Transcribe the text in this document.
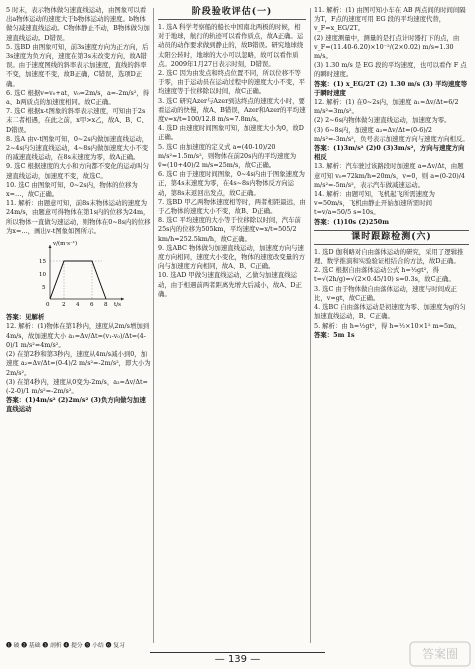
5 时末，表示物体做匀速直线运动，由图象可以看出a物体运动的速度大于b物体运动的速度。b物体做匀减速直线运动。C物体静止不动，B物体做匀加速直线运动。D错误。

5. 选BD 由图象可知，前3s速度方向为正方向，后3s速度为负方向，速度在第3s末改变方向，故A错误。由于速度图线的斜率表示加速度，直线的斜率不变，加速度不变，故B正确，C错误，选项D正确。

6. 选C 根据v=v₀+at，v₀=2m/s，a=-2m/s²，得a、b两质点的加速度相同。故C正确。

7. 选C 根据x-t图象的斜率表示速度，可知由于2s末二者相遇，在此之前，x甲>x乙，故A、B、C、D错误。

8. 选A 由v-t图象可知，0~2s内做加速直线运动，2~4s内匀速直线运动，4~8s内做加速度大小不变的减速直线运动，在8s末速度为零，故A正确。

9. 选C 根据速度的大小和方向都不变化的运动叫匀速直线运动，加速度不变，故选C。

10. 选C 由图象可知，0~2s内，物体的位移为x=…，故C正确。

11. 解析：由题意可知，前8s末物体运动的速度为24m/s，由题意可得物体在第1s内的位移为24m，所以物体一直做匀速运动，则物体在0~8s内的位移为x=…，画出v-t图象如图所示。

v/(m·s⁻¹)
t/s
15
10
5
0 2 4 6 8

答案：见解析

12. 解析：(1)物体在第1秒内，速度从2m/s增加到4m/s，故加速度大小 a₁=Δv/Δt=(v₁-v₀)/Δt=(4-0)/1 m/s²=4m/s²。

(2) 在第2秒和第3秒内，速度从4m/s减小到0，加速度 a₂=Δv/Δt=(0-4)/2 m/s²=-2m/s²，即大小为2m/s²。

(3) 在第4秒内，速度从0变为-2m/s，a₃=Δv/Δt=(-2-0)/1 m/s²=-2m/s²。

答案：(1)4m/s² (2)2m/s² (3)负方向做匀加速直线运动

阶段验收评估(一)

1. 选A 科学考察船的船长中国南北两极的时候，相对于地球，航行的轨迹可以看作质点，故A正确。运动员的动作要求做到静止的，故B错误。研究地球绕太阳公转时，地球的大小可以忽略，故可以看作质点。2009年1月27日表示时刻，D错误。

2. 选C 因为由发点和终点位置不同，所以位移不等于零，由于运动员在运动过程中的速度大小不变，平均速度等于位移除以时间，故C正确。

3. 选C 研究Azer与Azer到达终点的速度大小时，要看运动的快慢，故A、B错误，Azer和Azer的平均速度v=x/t=100/12.8 m/s≈7.8m/s。

4. 选D 由速度时间图象可知，加速度大小为0，故D正确。

5. 选C 由加速度的定义式 a=(40-10)/20 m/s²=1.5m/s²，则物体在前20s内的平均速度为 v̄=(10+40)/2 m/s=25m/s，故C正确。

6. 选C 由于速度时间图象，0~4s内由于图象速度为正，第4s末速度为零，在4s~8s内物体反方向运动，第8s末返回出发点，故C正确。

7. 选BD 甲乙两物体速度相等时，两者相距最远，由于乙物体的速度大小不变，故B、D正确。

8. 选C 平均速度的大小等于位移除以时间，汽车前25s内的位移为505km，平均速度v=x/t=505/2 km/h=252.5km/h，故C正确。

9. 选ABC 物体做匀加速直线运动，加速度方向与速度方向相同，速度大小变化，物体的速度改变量的方向与加速度方向相同，故A、B、C正确。

10. 选AD 甲做匀速直线运动，乙做匀加速直线运动，由于相遇前两者距离先增大后减小，故A、D正确。

11. 解析：(1) 由图可知小车在 AB 两点间的时间间隔为T，F点的速度可用 EG 段的平均速度代替，v_F=x_EG/2T。

(2) 速度测量中，测量的是打点计时器打下的点，由 v_F=(11.40-6.20)×10⁻²/(2×0.02) m/s≈1.30 m/s。

(3) 1.30 m/s 是 EG 段的平均速度，也可以看作 F 点的瞬时速度。

答案：(1) x_EG/2T (2) 1.30 m/s (3) 平均速度等于瞬时速度

12. 解析：(1) 在0~2s内，加速度 a₁=Δv/Δt=6/2 m/s²=3m/s²。

(2) 2~6s内物体做匀速直线运动，加速度为零。

(3) 6~8s内，加速度 a₃=Δv/Δt=(0-6)/2 m/s²=-3m/s²，负号表示加速度方向与速度方向相反。

答案：(1)3m/s² (2)0 (3)3m/s²，方向与速度方向相反

13. 解析：汽车驶过该路段时加速度 a=Δv/Δt，由题意可知 v₀=72km/h=20m/s，v=0，则 a=(0-20)/4 m/s²=-5m/s²，表示汽车做减速运动。

14. 解析：由题可知，飞机起飞所需速度为 v=50m/s，飞机由静止开始加速所需时间 t=v/a=50/5 s=10s。

答案：(1)10s (2)250m

课时跟踪检测(六)

1. 选D 伽利略对自由落体运动的研究，采用了逻辑推理、数学推演和实验验证相结合的方法，故D正确。

2. 选C 根据自由落体运动公式 h=½gt²，得 t=√(2h/g)=√(2×0.45/10) s=0.3s，故C正确。

3. 选C 由于物体做自由落体运动，速度与时间成正比，v=gt，故C正确。

4. 选BC 自由落体运动是初速度为零、加速度为g的匀加速直线运动，B、C正确。

5. 解析：由 h=½gt²，得 h=½×10×1² m=5m。

答案：5m 1s

❶ 破 ❷ 基础 ❸ 剖析 ❹ 提分 ❺ 小结 ❻ 复习
— 139 —	答案圈
